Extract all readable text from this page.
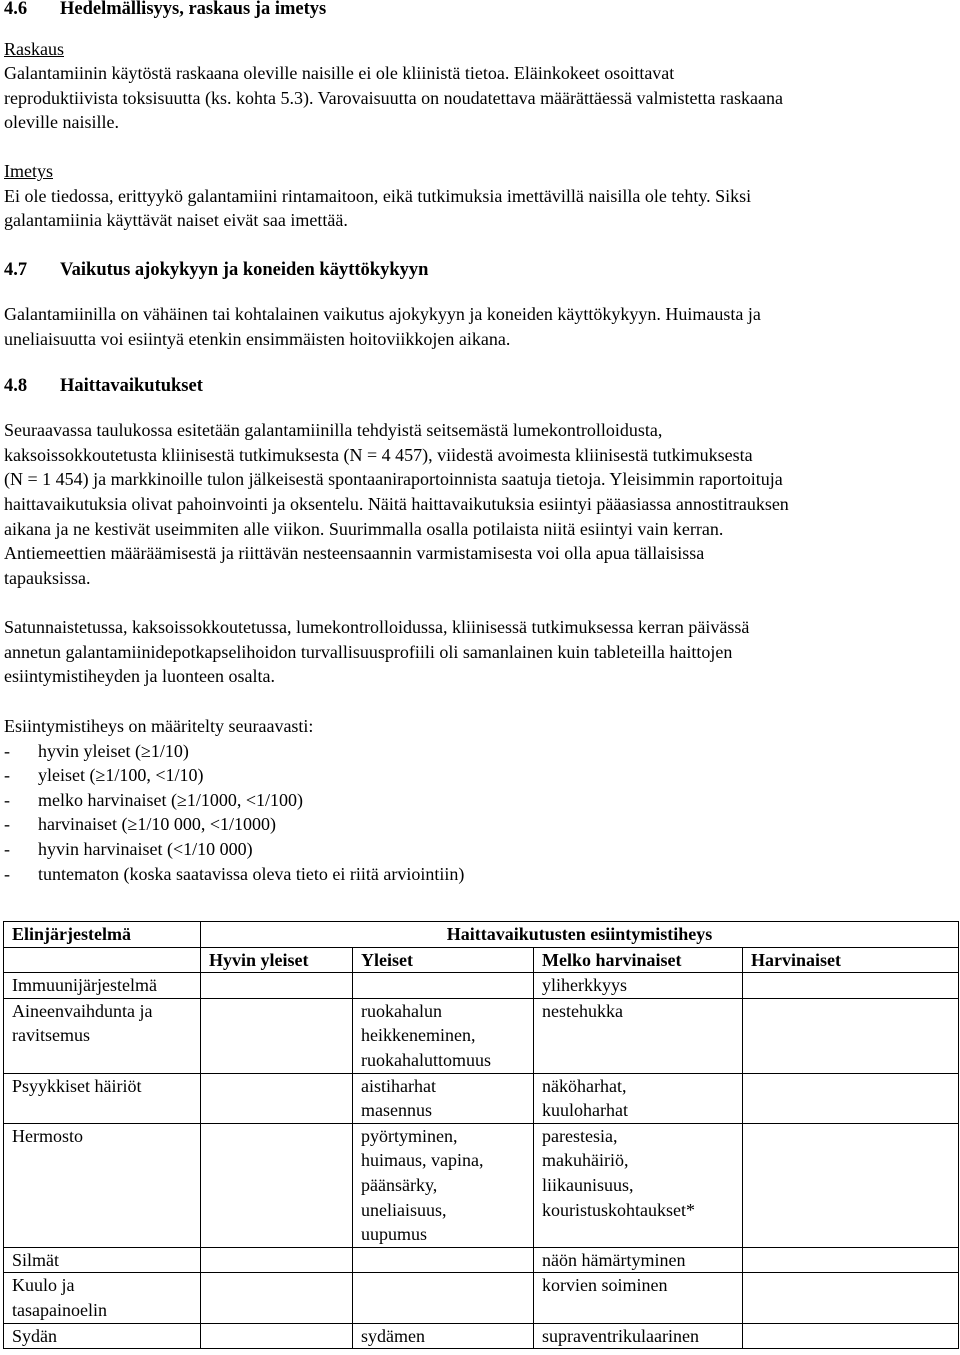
4.6	Hedelmällisyys, raskaus ja imetys

Raskaus

Galantamiinin käytöstä raskaana oleville naisille ei ole kliinistä tietoa. Eläinkokeet osoittavat

reproduktiivista toksisuutta (ks. kohta 5.3). Varovaisuutta on noudatettava määrättäessä valmistetta raskaana

oleville naisille.

Imetys

Ei ole tiedossa, erittyykö galantamiini rintamaitoon, eikä tutkimuksia imettävillä naisilla ole tehty. Siksi

galantamiinia käyttävät naiset eivät saa imettää.

4.7	Vaikutus ajokykyyn ja koneiden käyttökykyyn

Galantamiinilla on vähäinen tai kohtalainen vaikutus ajokykyyn ja koneiden käyttökykyyn. Huimausta ja

uneliaisuutta voi esiintyä etenkin ensimmäisten hoitoviikkojen aikana.

4.8	Haittavaikutukset

Seuraavassa taulukossa esitetään galantamiinilla tehdyistä seitsemästä lumekontrolloidusta,

kaksoissokkoutetusta kliinisestä tutkimuksesta (N = 4 457), viidestä avoimesta kliinisestä tutkimuksesta

(N = 1 454) ja markkinoille tulon jälkeisestä spontaaniraportoinnista saatuja tietoja. Yleisimmin raportoituja

haittavaikutuksia olivat pahoinvointi ja oksentelu. Näitä haittavaikutuksia esiintyi pääasiassa annostitrauksen

aikana ja ne kestivät useimmiten alle viikon. Suurimmalla osalla potilaista niitä esiintyi vain kerran.

Antiemeettien määräämisestä ja riittävän nesteensaannin varmistamisesta voi olla apua tällaisissa

tapauksissa.

Satunnaistetussa, kaksoissokkoutetussa, lumekontrolloidussa, kliinisessä tutkimuksessa kerran päivässä

annetun galantamiinidepotkapselihoidon turvallisuusprofiili oli samanlainen kuin tableteilla haittojen

esiintymistiheyden ja luonteen osalta.

Esiintymistiheys on määritelty seuraavasti:

-	hyvin yleiset (≥1/10)
-	yleiset (≥1/100, <1/10)
-	melko harvinaiset (≥1/1000, <1/100)
-	harvinaiset (≥1/10 000, <1/1000)
-	hyvin harvinaiset (<1/10 000)
-	tuntematon (koska saatavissa oleva tieto ei riitä arviointiin)
Elinjärjestelmä	Haittavaikutusten esiintymistiheys			
	Hyvin yleiset	Yleiset	Melko harvinaiset	Harvinaiset

Immuunijärjestelmä			yliherkkyys	

Aineenvaihdunta ja
ravitsemus		ruokahalun
heikkeneminen,
ruokahaluttomuus	nestehukka	

Psyykkiset häiriöt		aistiharhat
masennus	näköharhat,
kuuloharhat	

Hermosto		pyörtyminen,
huimaus, vapina,
päänsärky,
uneliaisuus,
uupumus	parestesia,
makuhäiriö,
liikaunisuus,
kouristuskohtaukset*	

Silmät			näön hämärtyminen	

Kuulo ja
tasapainoelin			korvien soiminen	

Sydän		sydämen	supraventrikulaarinen	
